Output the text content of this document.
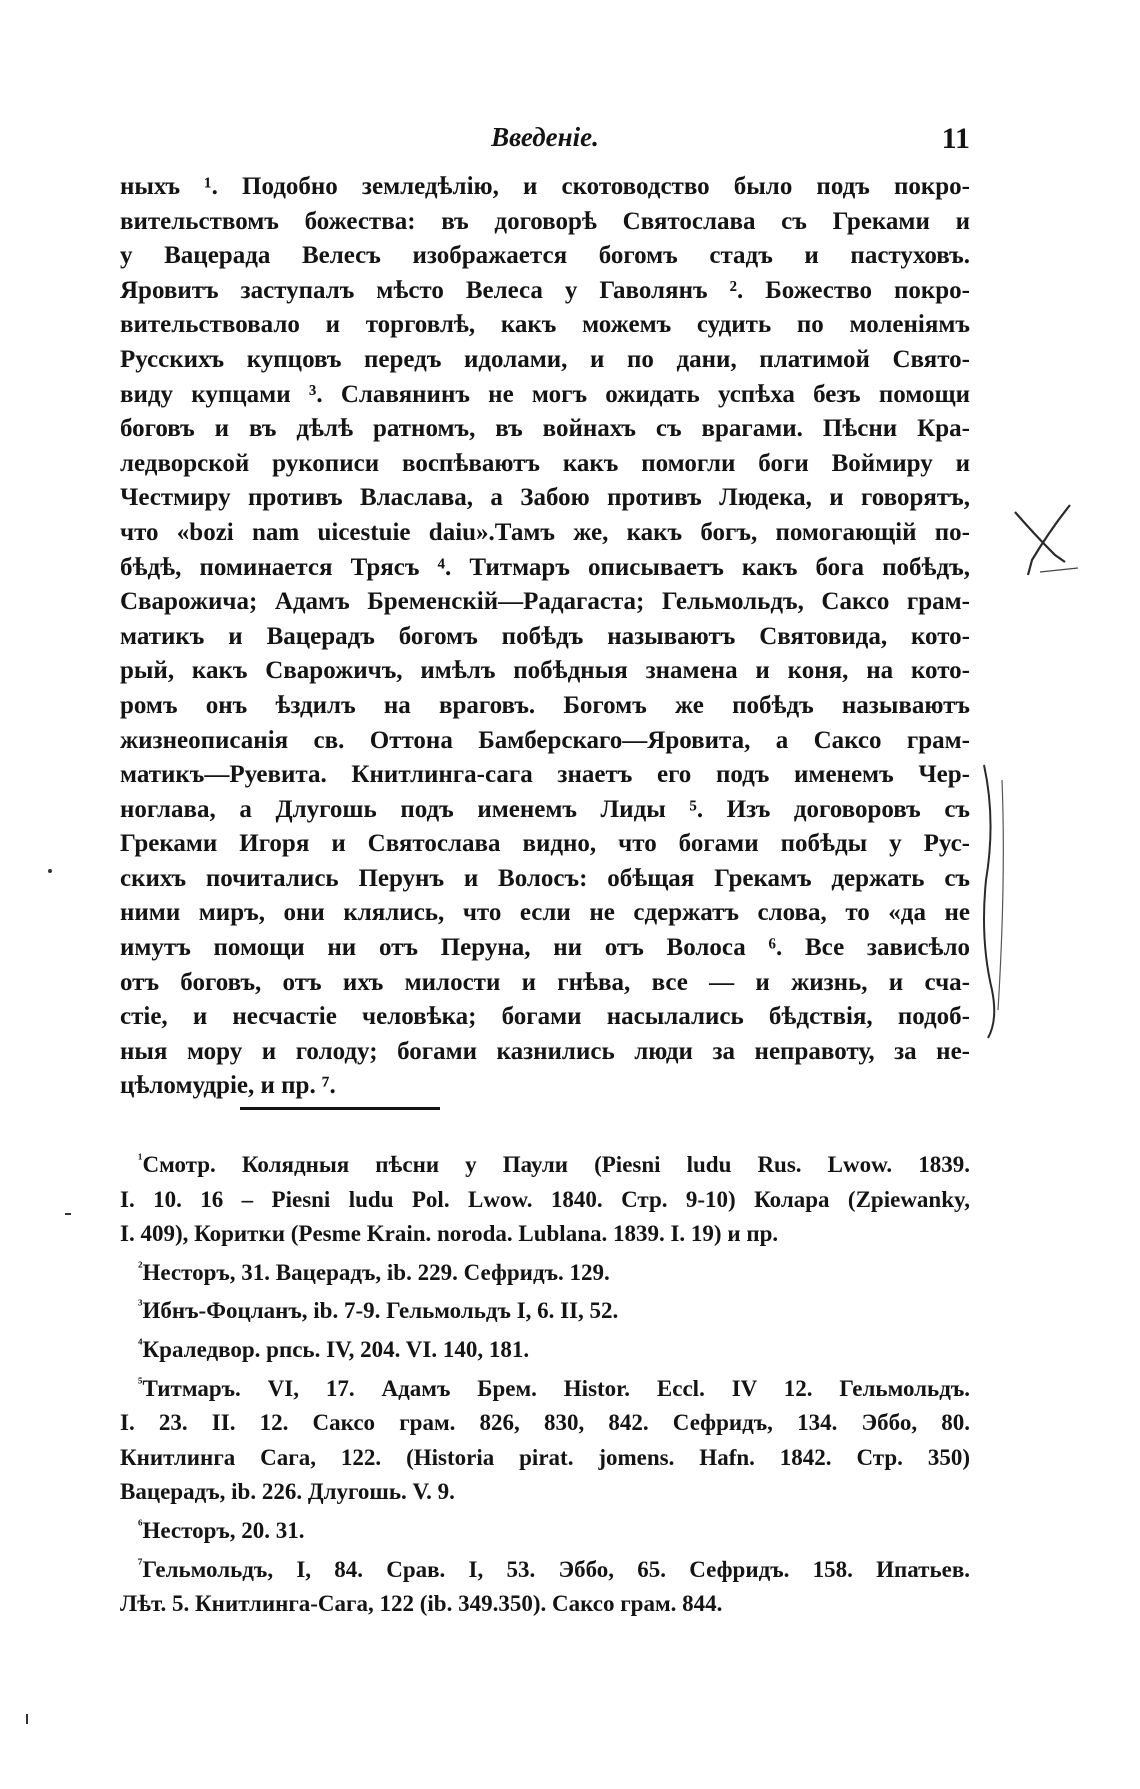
Введеніе.	11
ныхъ ¹. Подобно земледѣлію, и скотоводство было подъ покро-
вительствомъ божества: въ договорѣ Святослава съ Греками и
у Вацерада Велесъ изображается богомъ стадъ и пастуховъ.
Яровитъ заступалъ мѣсто Велеса у Гаволянъ ². Божество покро-
вительствовало и торговлѣ, какъ можемъ судить по моленіямъ
Русскихъ купцовъ передъ идолами, и по дани, платимой Свято-
виду купцами ³. Славянинъ не могъ ожидать успѣха безъ помощи
боговъ и въ дѣлѣ ратномъ, въ войнахъ съ врагами. Пѣсни Кра-
ледворской рукописи воспѣваютъ какъ помогли боги Воймиру и
Честмиру противъ Власлава, а Забою противъ Людека, и говорятъ,
что «bozi nam uicestuie daiu».Тамъ же, какъ богъ, помогающій по-
бѣдѣ, поминается Трясъ ⁴. Титмаръ описываетъ какъ бога побѣдъ,
Сварожича; Адамъ Бременскій—Радагаста; Гельмольдъ, Саксо грам-
матикъ и Вацерадъ богомъ побѣдъ называютъ Святовида, кото-
рый, какъ Сварожичъ, имѣлъ побѣдныя знамена и коня, на кото-
ромъ онъ ѣздилъ на враговъ. Богомъ же побѣдъ называютъ
жизнеописанія св. Оттона Бамберскаго—Яровита, а Саксо грам-
матикъ—Руевита. Книтлинга-сага знаетъ его подъ именемъ Чер-
ноглава, а Длугошь подъ именемъ Лиды ⁵. Изъ договоровъ съ
Греками Игоря и Святослава видно, что богами побѣды у Рус-
скихъ почитались Перунъ и Волосъ: обѣщая Грекамъ держать съ
ними миръ, они клялись, что если не сдержатъ слова, то «да не
имутъ помощи ни отъ Перуна, ни отъ Волоса ⁶. Все зависѣло
отъ боговъ, отъ ихъ милости и гнѣва, все — и жизнь, и сча-
стіе, и несчастіе человѣка; богами насылались бѣдствія, подоб-
ныя мору и голоду; богами казнились люди за неправоту, за не-
цѣломудріе, и пр. ⁷.
$^{^1}$Смотр. Колядныя пѣсни у Паули (Piesni ludu Rus. Lwow. 1839.
I. 10. 16 – Piesni ludu Pol. Lwow. 1840. Стр. 9-10) Колара (Zpiewanky,
I. 409), Коритки (Pesme Krain. noroda. Lublana. 1839. I. 19) и пр.
$^{^2}$Несторъ, 31. Вацерадъ, ib. 229. Сефридъ. 129.
$^{^3}$Ибнъ-Фоцланъ, ib. 7-9. Гельмольдъ I, 6. II, 52.
$^{^4}$Краледвор. рпсь. IV, 204. VI. 140, 181.
$^{^5}$Титмаръ. VI, 17. Адамъ Брем. Histor. Eccl. IV 12. Гельмольдъ.
I. 23. II. 12. Саксо грам. 826, 830, 842. Сефридъ, 134. Эббо, 80.
Книтлинга Сага, 122. (Historia pirat. jomens. Hafn. 1842. Стр. 350)
Вацерадъ, ib. 226. Длугошь. V. 9.
$^{^6}$Несторъ, 20. 31.
$^{^7}$Гельмольдъ, I, 84. Срав. I, 53. Эббо, 65. Сефридъ. 158. Ипатьев.
Лѣт. 5. Книтлинга-Сага, 122 (ib. 349.350). Саксо грам. 844.
